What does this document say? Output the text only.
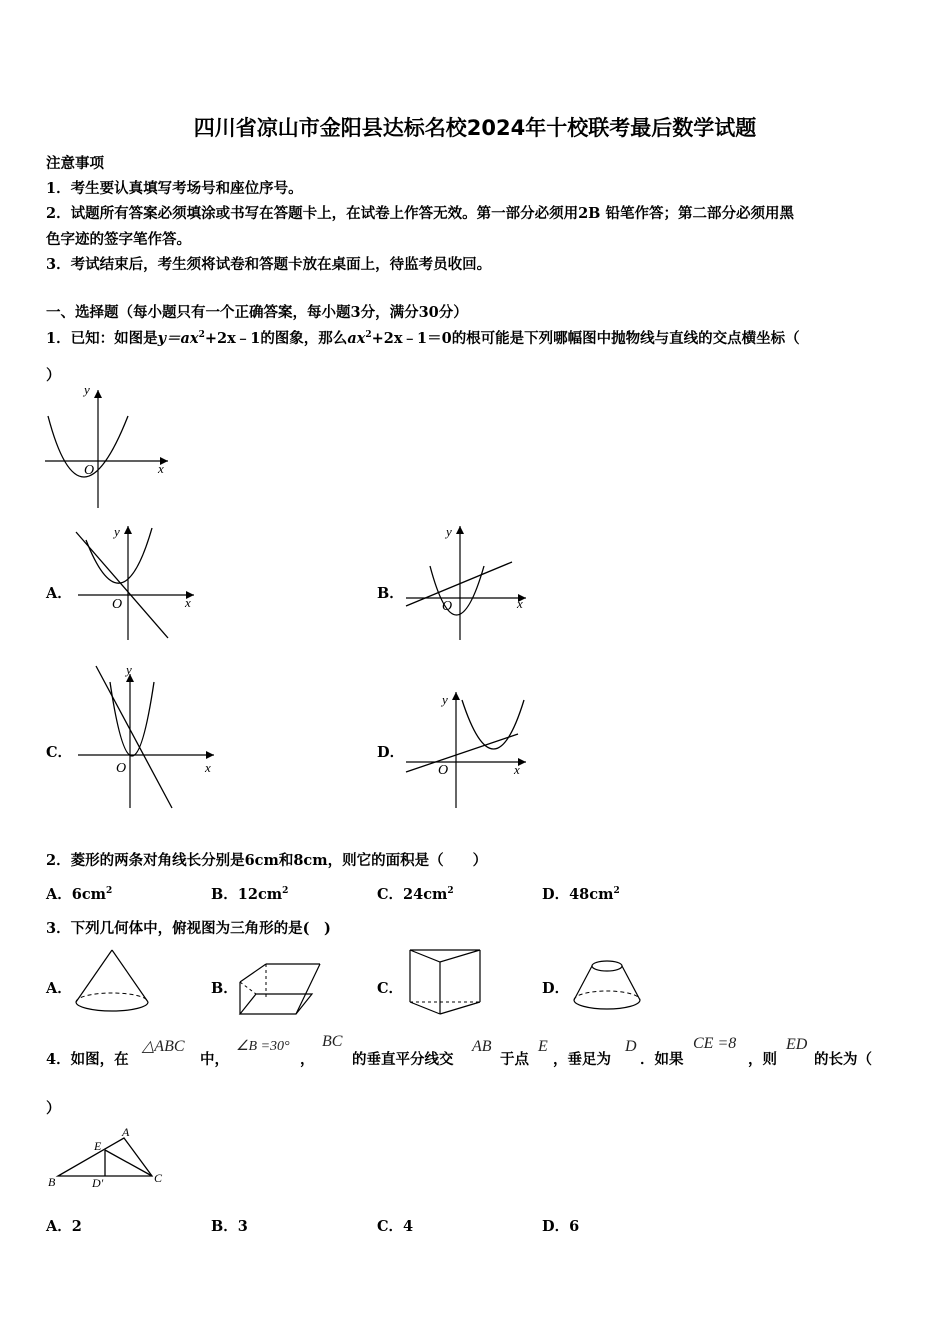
四川省凉山市金阳县达标名校2024年十校联考最后数学试题
注意事项
1．考生要认真填写考场号和座位序号。
2．试题所有答案必须填涂或书写在答题卡上，在试卷上作答无效。第一部分必须用2B 铅笔作答；第二部分必须用黑
色字迹的签字笔作答。
3．考试结束后，考生须将试卷和答题卡放在桌面上，待监考员收回。
一、选择题（每小题只有一个正确答案，每小题3分，满分30分）
1．已知：如图是$y=ax^2+2x﹣1$的图象，那么$ax^2+2x﹣1=0$的根可能是下列哪幅图中抛物线与直线的交点横坐标（
）
y
x
O
A．
y
x
O
B．
y
x
O
C．
y
x
O
D．
y
x
O
2．菱形的两条对角线长分别是6cm和8cm，则它的面积是（　　）
A．$6cm^2$	B．$12cm^2$	C．$24cm^2$	D．$48cm^2$
3．下列几何体中，俯视图为三角形的是(　)
A．	B．	C．	D．
4．如图，在
△ABC
中，
∠B =30°
，
BC
的垂直平分线交
AB
于点
E
，垂足为
D
．如果
CE =8
，则
ED
的长为（
）
B	C
A
E
D'
A．2	B．3	C．4	D．6
